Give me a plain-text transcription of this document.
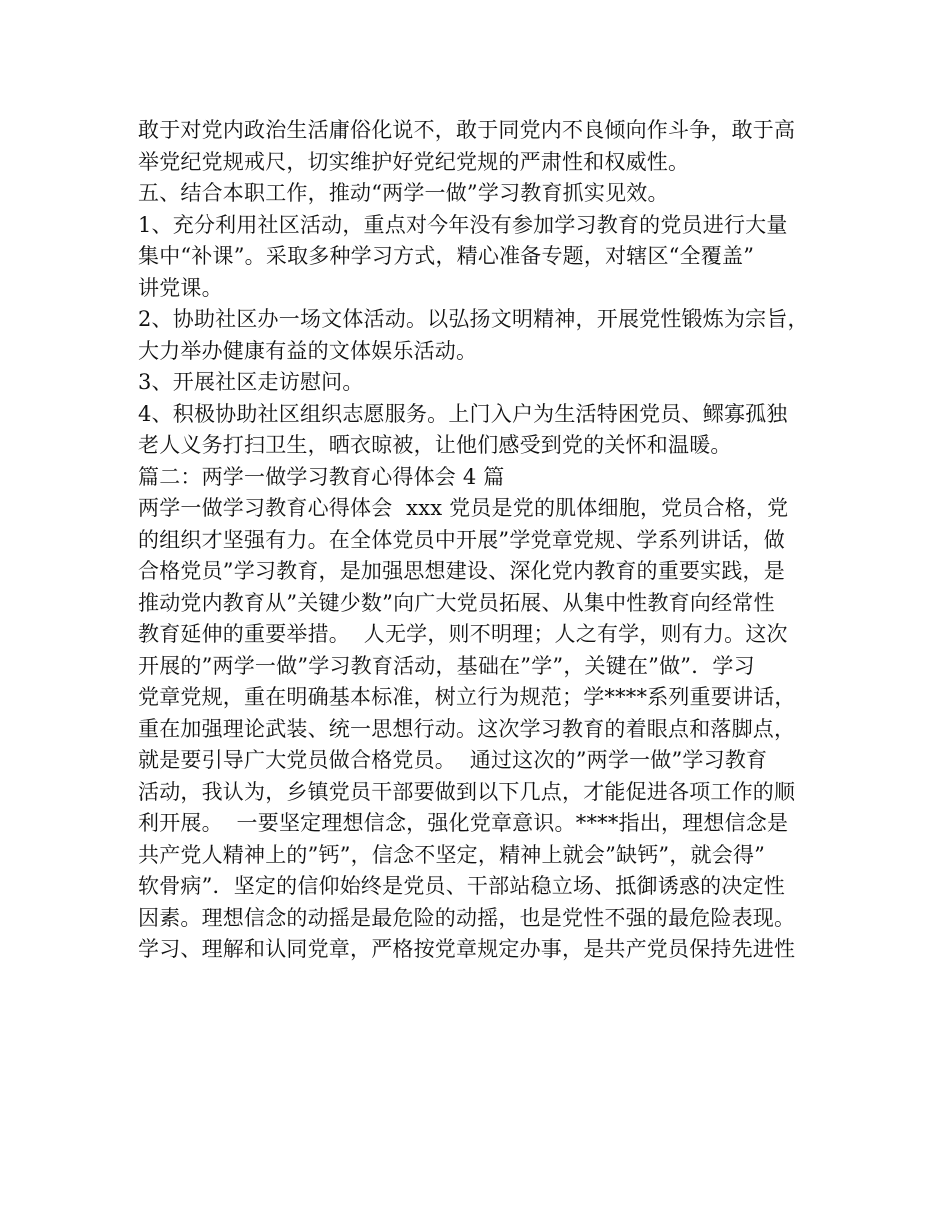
敢于对党内政治生活庸俗化说不，敢于同党内不良倾向作斗争，敢于高
举党纪党规戒尺，切实维护好党纪党规的严肃性和权威性。
五、结合本职工作，推动“两学一做”学习教育抓实见效。
1、充分利用社区活动，重点对今年没有参加学习教育的党员进行大量
集中“补课”。采取多种学习方式，精心准备专题，对辖区“全覆盖”
讲党课。
2、协助社区办一场文体活动。以弘扬文明精神，开展党性锻炼为宗旨，
大力举办健康有益的文体娱乐活动。
3、开展社区走访慰问。
4、积极协助社区组织志愿服务。上门入户为生活特困党员、鳏寡孤独
老人义务打扫卫生，晒衣晾被，让他们感受到党的关怀和温暖。
篇二：两学一做学习教育心得体会 4 篇
两学一做学习教育心得体会  xxx 党员是党的肌体细胞，党员合格，党
的组织才坚强有力。在全体党员中开展”学党章党规、学系列讲话，做
合格党员”学习教育，是加强思想建设、深化党内教育的重要实践，是
推动党内教育从”关键少数”向广大党员拓展、从集中性教育向经常性
教育延伸的重要举措。  人无学，则不明理；人之有学，则有力。这次
开展的”两学一做”学习教育活动，基础在”学”，关键在”做”．学习
党章党规，重在明确基本标准，树立行为规范；学****系列重要讲话，
重在加强理论武装、统一思想行动。这次学习教育的着眼点和落脚点，
就是要引导广大党员做合格党员。  通过这次的”两学一做”学习教育
活动，我认为，乡镇党员干部要做到以下几点，才能促进各项工作的顺
利开展。  一要坚定理想信念，强化党章意识。****指出，理想信念是
共产党人精神上的”钙”，信念不坚定，精神上就会”缺钙”，就会得”
软骨病”．坚定的信仰始终是党员、干部站稳立场、抵御诱惑的决定性
因素。理想信念的动摇是最危险的动摇，也是党性不强的最危险表现。
学习、理解和认同党章，严格按党章规定办事，是共产党员保持先进性
